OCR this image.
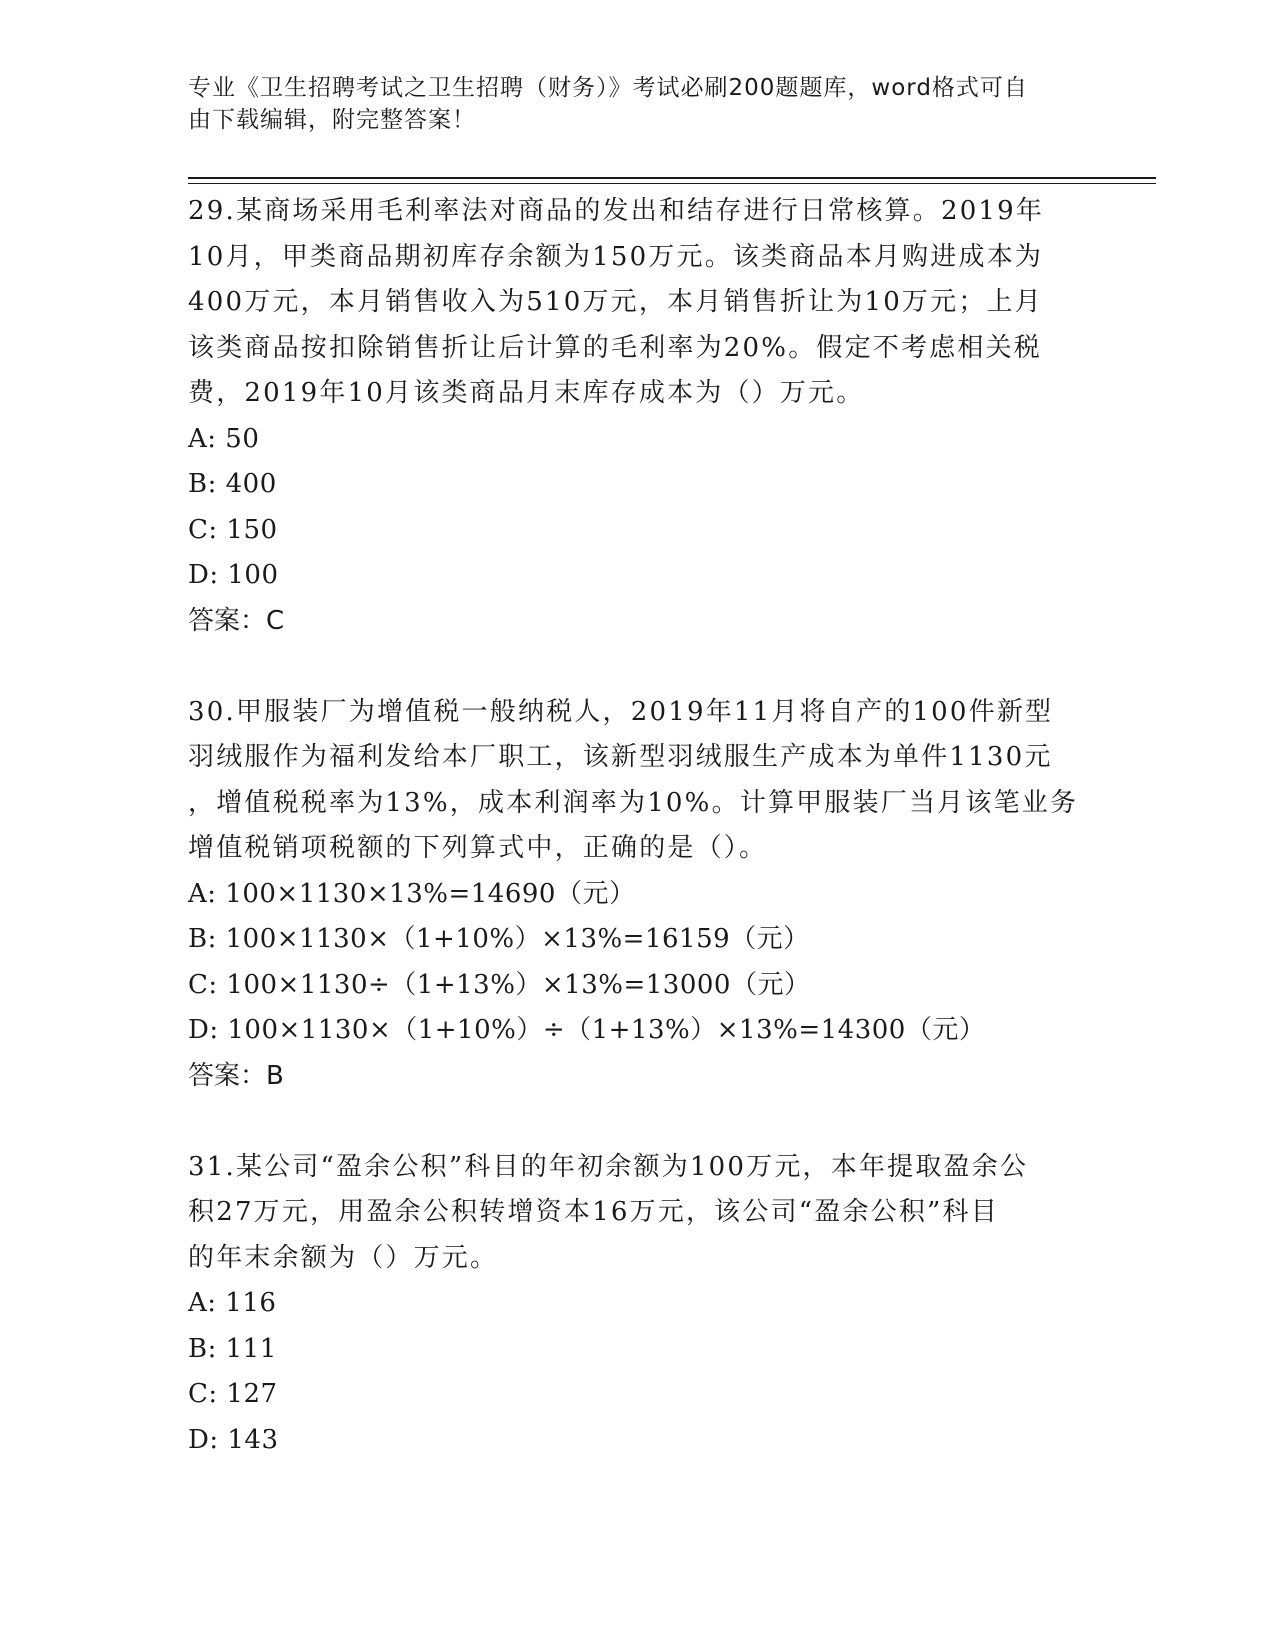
专业《卫生招聘考试之卫生招聘（财务）》考试必刷200题题库，word格式可自
由下载编辑，附完整答案！

29.某商场采用毛利率法对商品的发出和结存进行日常核算。2019年
10月，甲类商品期初库存余额为150万元。该类商品本月购进成本为
400万元，本月销售收入为510万元，本月销售折让为10万元；上月
该类商品按扣除销售折让后计算的毛利率为20%。假定不考虑相关税
费，2019年10月该类商品月末库存成本为（）万元。

A: 50

B: 400

C: 150

D: 100

答案：C

30.甲服装厂为增值税一般纳税人，2019年11月将自产的100件新型
羽绒服作为福利发给本厂职工，该新型羽绒服生产成本为单件1130元
，增值税税率为13%，成本利润率为10%。计算甲服装厂当月该笔业务
增值税销项税额的下列算式中，正确的是（）。

A: 100×1130×13%=14690（元）

B: 100×1130×（1+10%）×13%=16159（元）

C: 100×1130÷（1+13%）×13%=13000（元）

D: 100×1130×（1+10%）÷（1+13%）×13%=14300（元）

答案：B

31.某公司“盈余公积”科目的年初余额为100万元，本年提取盈余公
积27万元，用盈余公积转增资本16万元，该公司“盈余公积”科目
的年末余额为（）万元。

A: 116

B: 111

C: 127

D: 143
